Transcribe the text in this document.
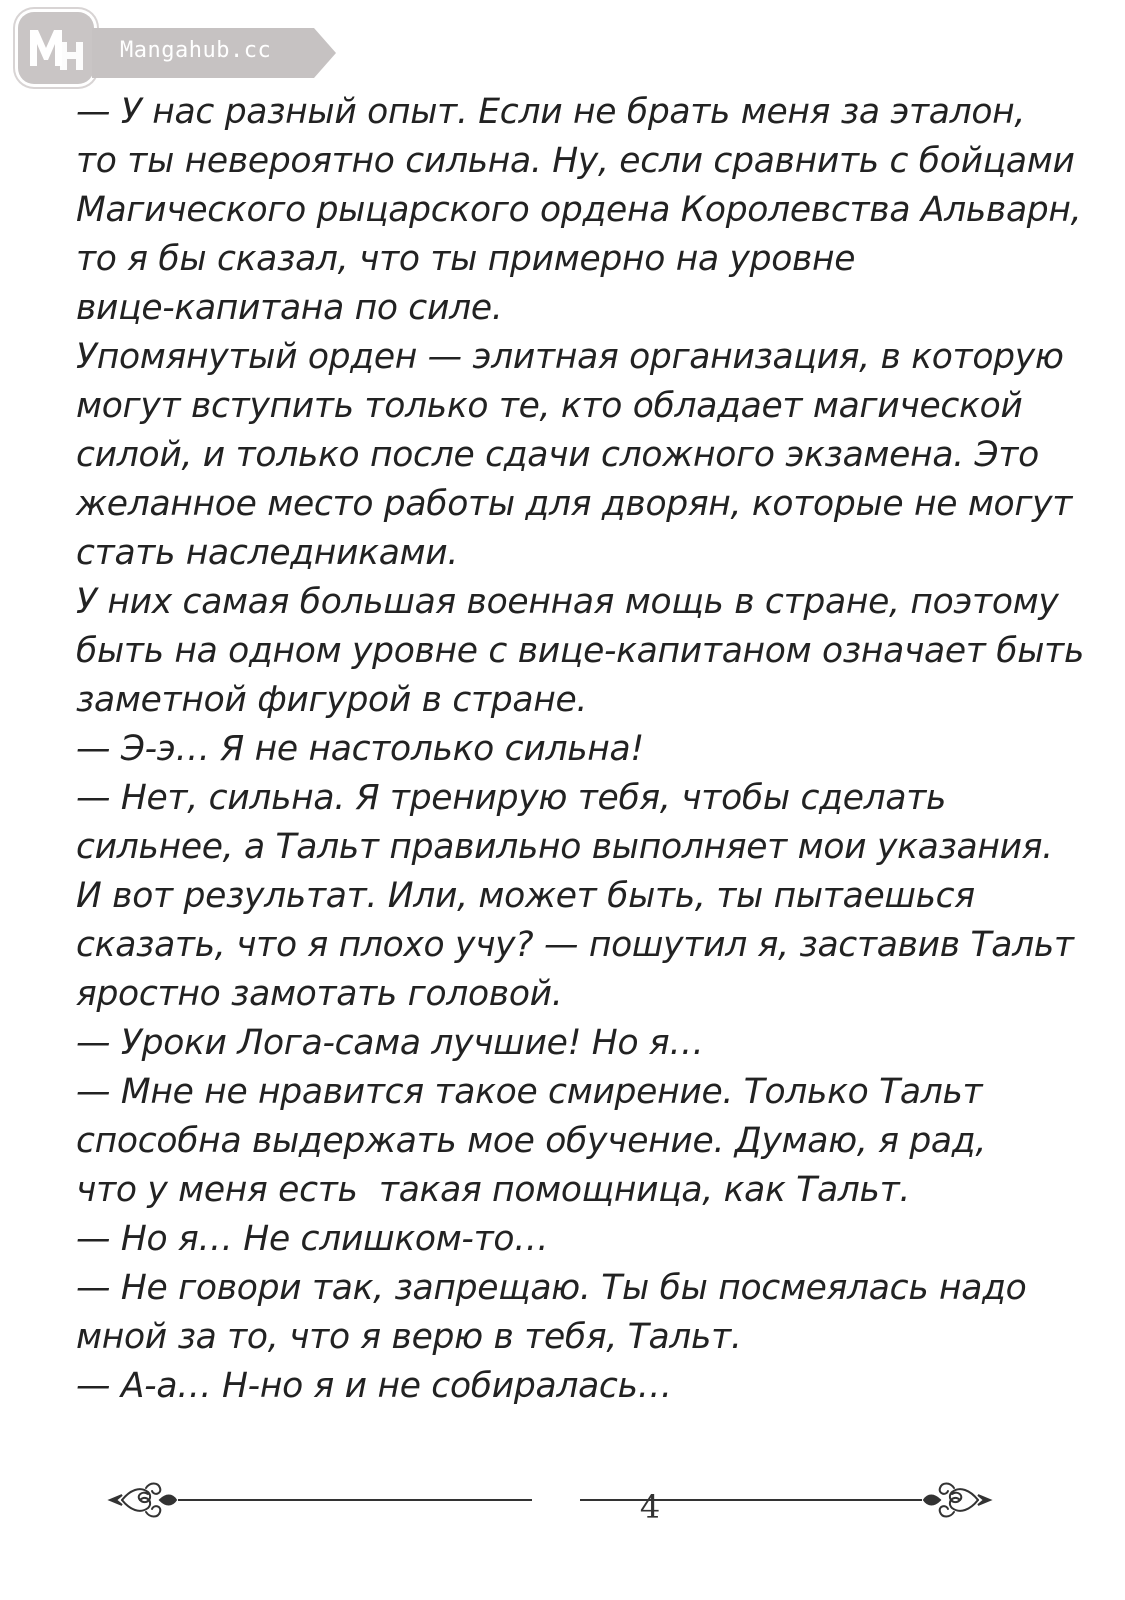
Mangahub.cc
— У нас разный опыт. Если не брать меня за эталон,
то ты невероятно сильна. Ну, если сравнить с бойцами
Магического рыцарского ордена Королевства Альварн,
то я бы сказал, что ты примерно на уровне
вице-капитана по силе.
Упомянутый орден — элитная организация, в которую
могут вступить только те, кто обладает магической
силой, и только после сдачи сложного экзамена. Это
желанное место работы для дворян, которые не могут
стать наследниками.
У них самая большая военная мощь в стране, поэтому
быть на одном уровне с вице-капитаном означает быть
заметной фигурой в стране.
— Э-э… Я не настолько сильна!
— Нет, сильна. Я тренирую тебя, чтобы сделать
сильнее, а Тальт правильно выполняет мои указания.
И вот результат. Или, может быть, ты пытаешься
сказать, что я плохо учу? — пошутил я, заставив Тальт
яростно замотать головой.
— Уроки Лога-сама лучшие! Но я…
— Мне не нравится такое смирение. Только Тальт
способна выдержать мое обучение. Думаю, я рад,
что у меня есть  такая помощница, как Тальт.
— Но я… Не слишком-то…
— Не говори так, запрещаю. Ты бы посмеялась надо
мной за то, что я верю в тебя, Тальт.
— А-а… Н-но я и не собиралась…
4
